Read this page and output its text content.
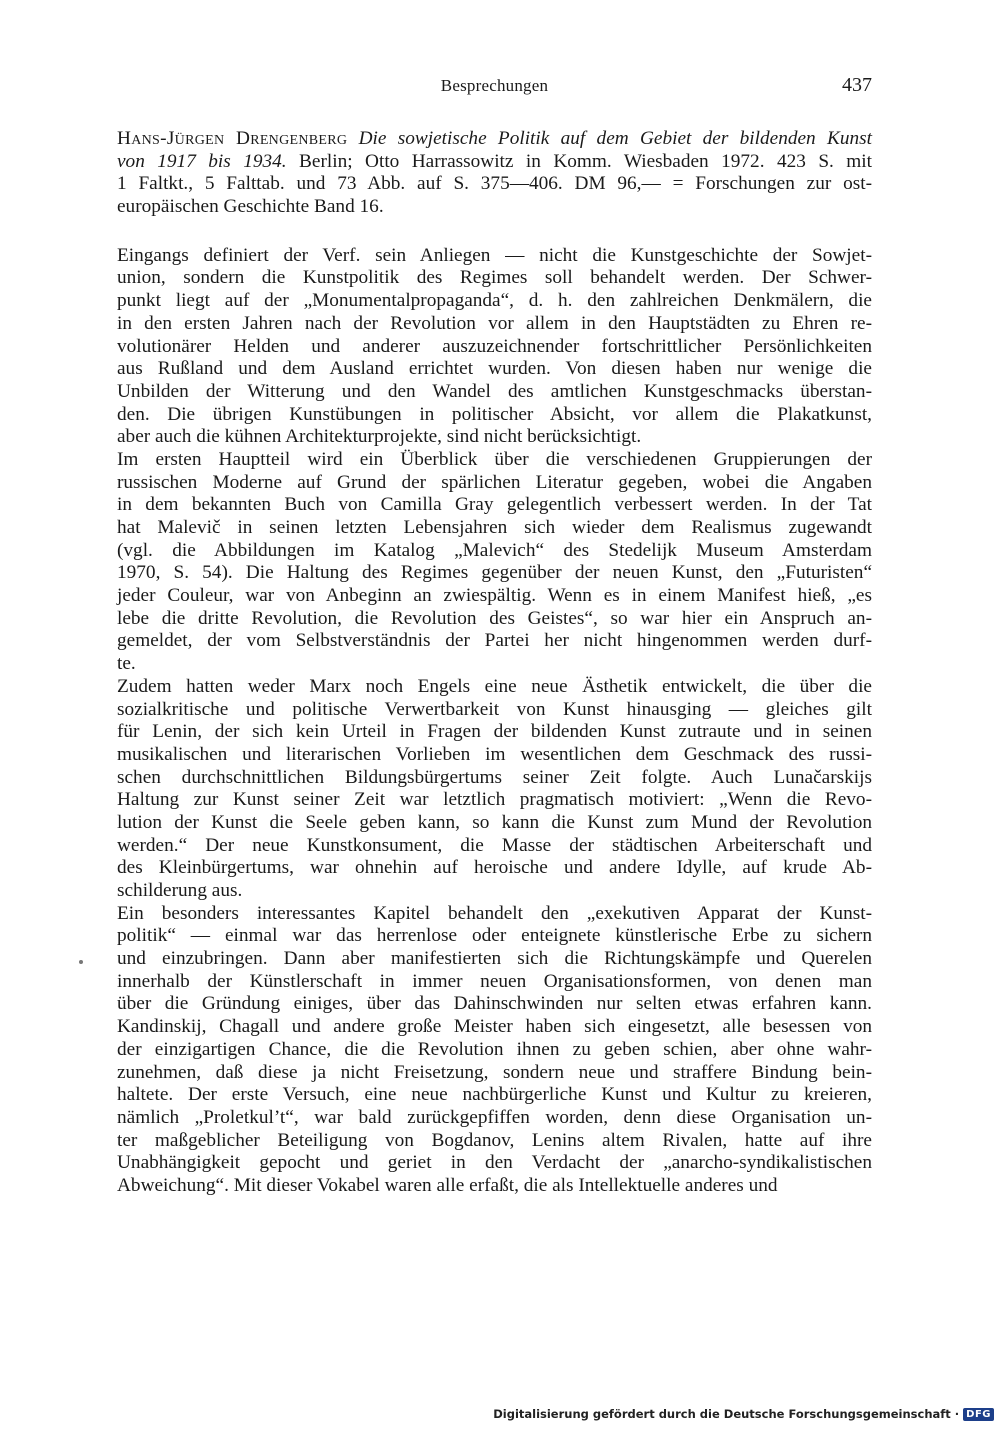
Besprechungen	437
Hans-Jürgen Drengenberg Die sowjetische Politik auf dem Gebiet der bildenden Kunst
von 1917 bis 1934. Berlin; Otto Harrassowitz in Komm. Wiesbaden 1972. 423 S. mit
1 Faltkt., 5 Falttab. und 73 Abb. auf S. 375—406. DM 96,— = Forschungen zur ost-
europäischen Geschichte Band 16.
Eingangs definiert der Verf. sein Anliegen — nicht die Kunstgeschichte der Sowjet-
union, sondern die Kunstpolitik des Regimes soll behandelt werden. Der Schwer-
punkt liegt auf der „Monumentalpropaganda“, d. h. den zahlreichen Denkmälern, die
in den ersten Jahren nach der Revolution vor allem in den Hauptstädten zu Ehren re-
volutionärer Helden und anderer auszuzeichnender fortschrittlicher Persönlichkeiten
aus Rußland und dem Ausland errichtet wurden. Von diesen haben nur wenige die
Unbilden der Witterung und den Wandel des amtlichen Kunstgeschmacks überstan-
den. Die übrigen Kunstübungen in politischer Absicht, vor allem die Plakatkunst,
aber auch die kühnen Architekturprojekte, sind nicht berücksichtigt.
Im ersten Hauptteil wird ein Überblick über die verschiedenen Gruppierungen der
russischen Moderne auf Grund der spärlichen Literatur gegeben, wobei die Angaben
in dem bekannten Buch von Camilla Gray gelegentlich verbessert werden. In der Tat
hat Malevič in seinen letzten Lebensjahren sich wieder dem Realismus zugewandt
(vgl. die Abbildungen im Katalog „Malevich“ des Stedelijk Museum Amsterdam
1970, S. 54). Die Haltung des Regimes gegenüber der neuen Kunst, den „Futuristen“
jeder Couleur, war von Anbeginn an zwiespältig. Wenn es in einem Manifest hieß, „es
lebe die dritte Revolution, die Revolution des Geistes“, so war hier ein Anspruch an-
gemeldet, der vom Selbstverständnis der Partei her nicht hingenommen werden durf-
te.
Zudem hatten weder Marx noch Engels eine neue Ästhetik entwickelt, die über die
sozialkritische und politische Verwertbarkeit von Kunst hinausging — gleiches gilt
für Lenin, der sich kein Urteil in Fragen der bildenden Kunst zutraute und in seinen
musikalischen und literarischen Vorlieben im wesentlichen dem Geschmack des russi-
schen durchschnittlichen Bildungsbürgertums seiner Zeit folgte. Auch Lunačarskijs
Haltung zur Kunst seiner Zeit war letztlich pragmatisch motiviert: „Wenn die Revo-
lution der Kunst die Seele geben kann, so kann die Kunst zum Mund der Revolution
werden.“ Der neue Kunstkonsument, die Masse der städtischen Arbeiterschaft und
des Kleinbürgertums, war ohnehin auf heroische und andere Idylle, auf krude Ab-
schilderung aus.
Ein besonders interessantes Kapitel behandelt den „exekutiven Apparat der Kunst-
politik“ — einmal war das herrenlose oder enteignete künstlerische Erbe zu sichern
und einzubringen. Dann aber manifestierten sich die Richtungskämpfe und Querelen
innerhalb der Künstlerschaft in immer neuen Organisationsformen, von denen man
über die Gründung einiges, über das Dahinschwinden nur selten etwas erfahren kann.
Kandinskij, Chagall und andere große Meister haben sich eingesetzt, alle besessen von
der einzigartigen Chance, die die Revolution ihnen zu geben schien, aber ohne wahr-
zunehmen, daß diese ja nicht Freisetzung, sondern neue und straffere Bindung bein-
haltete. Der erste Versuch, eine neue nachbürgerliche Kunst und Kultur zu kreieren,
nämlich „Proletkul’t“, war bald zurückgepfiffen worden, denn diese Organisation un-
ter maßgeblicher Beteiligung von Bogdanov, Lenins altem Rivalen, hatte auf ihre
Unabhängigkeit gepocht und geriet in den Verdacht der „anarcho-syndikalistischen
Abweichung“. Mit dieser Vokabel waren alle erfaßt, die als Intellektuelle anderes und
Digitalisierung gefördert durch die Deutsche Forschungsgemeinschaft · DFG
